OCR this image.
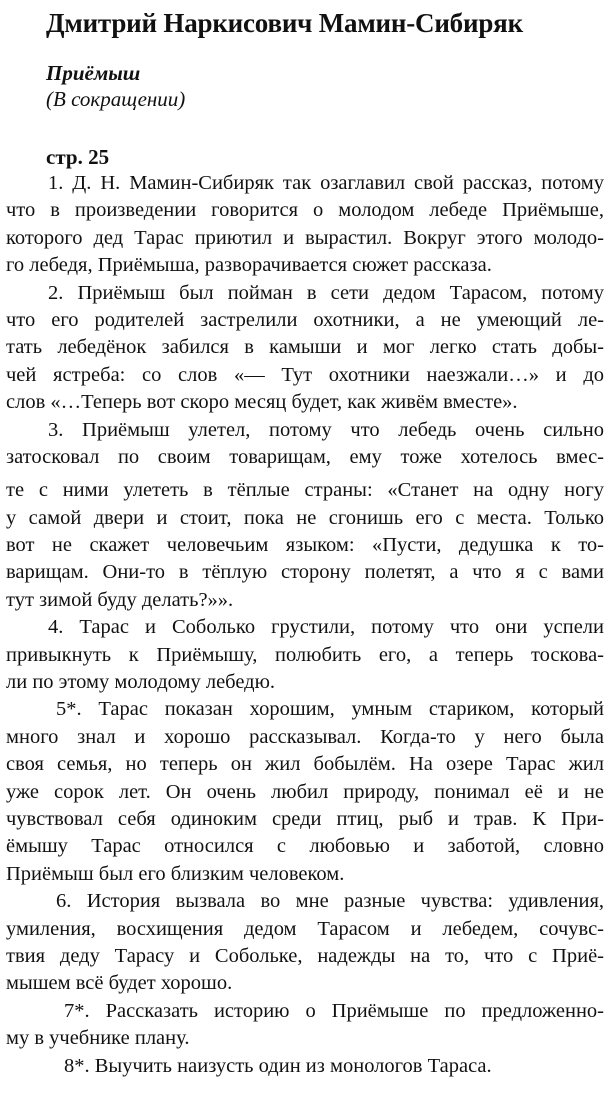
Дмитрий Наркисович Мамин-Сибиряк
Приёмыш
(В сокращении)
стр. 25
1. Д. Н. Мамин-Сибиряк так озаглавил свой рассказ, потому
что в произведении говорится о молодом лебеде Приёмыше,
которого дед Тарас приютил и вырастил. Вокруг этого молодо-
го лебедя, Приёмыша, разворачивается сюжет рассказа.
2. Приёмыш был пойман в сети дедом Тарасом, потому
что его родителей застрелили охотники, а не умеющий ле-
тать лебедёнок забился в камыши и мог легко стать добы-
чей ястреба: со слов «— Тут охотники наезжали…» и до
слов «…Теперь вот скоро месяц будет, как живём вместе».
3. Приёмыш улетел, потому что лебедь очень сильно
затосковал по своим товарищам, ему тоже хотелось вмес-
те с ними улететь в тёплые страны: «Станет на одну ногу
у самой двери и стоит, пока не сгонишь его с места. Только
вот не скажет человечьим языком: «Пусти, дедушка к то-
варищам. Они-то в тёплую сторону полетят, а что я с вами
тут зимой буду делать?»».
4. Тарас и Соболько грустили, потому что они успели
привыкнуть к Приёмышу, полюбить его, а теперь тоскова-
ли по этому молодому лебедю.
5*. Тарас показан хорошим, умным стариком, который
много знал и хорошо рассказывал. Когда-то у него была
своя семья, но теперь он жил бобылём. На озере Тарас жил
уже сорок лет. Он очень любил природу, понимал её и не
чувствовал себя одиноким среди птиц, рыб и трав. К При-
ёмышу Тарас относился с любовью и заботой, словно
Приёмыш был его близким человеком.
6. История вызвала во мне разные чувства: удивления,
умиления, восхищения дедом Тарасом и лебедем, сочувс-
твия деду Тарасу и Собольке, надежды на то, что с Приё-
мышем всё будет хорошо.
7*. Рассказать историю о Приёмыше по предложенно-
му в учебнике плану.
8*. Выучить наизусть один из монологов Тараса.
